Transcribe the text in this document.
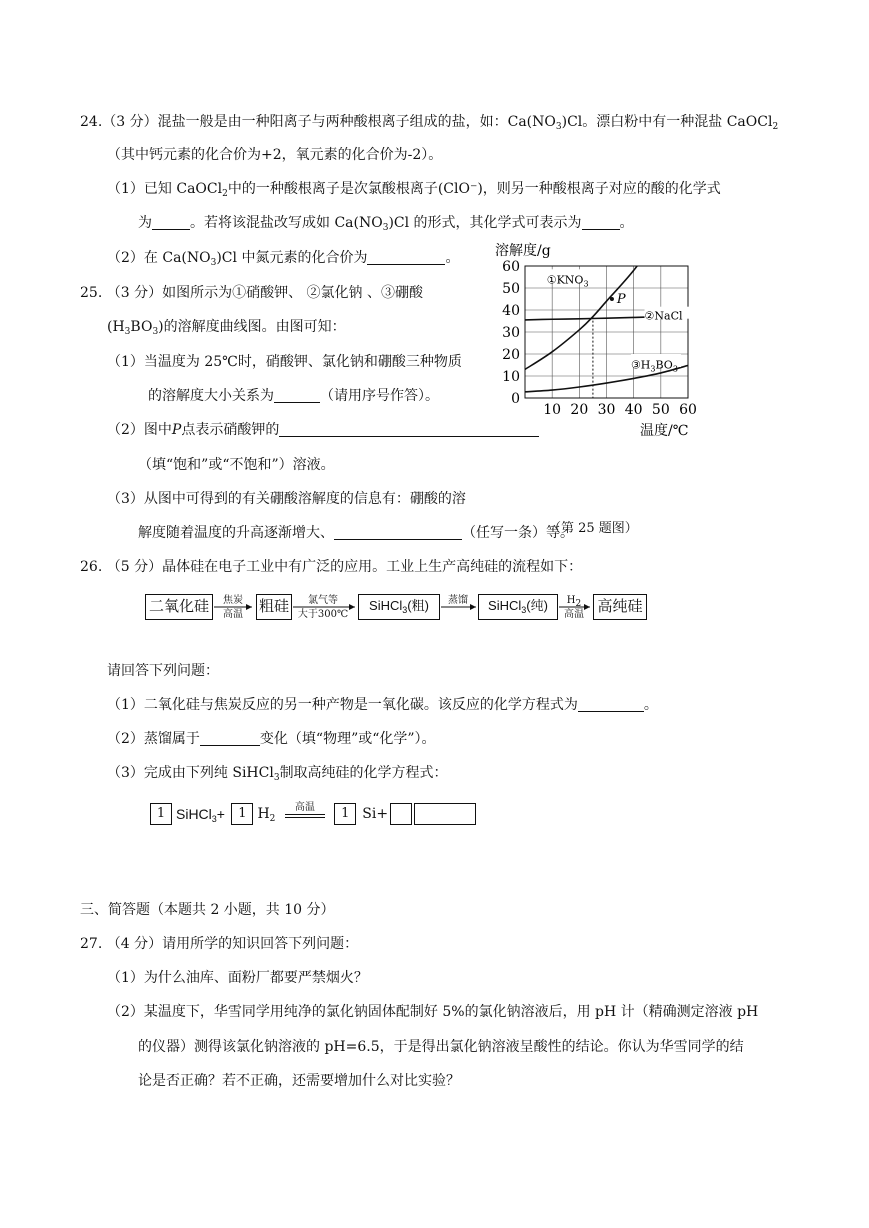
24.（3 分）混盐一般是由一种阳离子与两种酸根离子组成的盐，如：$Ca(NO_3)Cl$。漂白粉中有一种混盐 CaOCl$_2$
（其中钙元素的化合价为+2，氧元素的化合价为-2）。
（1）已知 CaOCl$_2$中的一种酸根离子是次氯酸根离子(ClO⁻)，则另一种酸根离子对应的酸的化学式
为	。若将该混盐改写成如 $Ca(NO_3)Cl$ 的形式，其化学式可表示为	。
（2）在 $Ca(NO_3)Cl$ 中氮元素的化合价为	。
25. （3 分）如图所示为①硝酸钾、 ②氯化钠 、③硼酸
$(H_3BO_3)$的溶解度曲线图。由图可知：
（1）当温度为 25℃时，硝酸钾、氯化钠和硼酸三种物质
的溶解度大小关系为	（请用序号作答）。
（2）图中P点表示硝酸钾的
（填“饱和”或“不饱和”）溶液。
（3）从图中可得到的有关硼酸溶解度的信息有：硼酸的溶
解度随着温度的升高逐渐增大、	（任写一条）等。
（第 25 题图）
0
10
20
30
40
50
60
10 20 30 40 50 60
溶解度/g
温度/℃
$①KNO_3$
②NaCl
$③H_3BO_3$
P
26. （5 分）晶体硅在电子工业中有广泛的应用。工业上生产高纯硅的流程如下：
二氧化硅	焦炭
高温	粗硅	氯气等
大于300℃
SiHCl$_3$(粗)	蒸馏	SiHCl$_3$(纯)	$H_2$
高温 高纯硅
请回答下列问题：
（1）二氧化硅与焦炭反应的另一种产物是一氧化碳。该反应的化学方程式为	。
（2）蒸馏属于	变化（填“物理”或“化学”）。
（3）完成由下列纯 SiHCl$_3$制取高纯硅的化学方程式：
1 SiHCl$_3$+ 1 $H_2$
高温	1 Si+
三、简答题（本题共 2 小题，共 10 分）
27. （4 分）请用所学的知识回答下列问题：
（1）为什么油库、面粉厂都要严禁烟火？
（2）某温度下，华雪同学用纯净的氯化钠固体配制好 5%的氯化钠溶液后，用 pH 计（精确测定溶液 pH
的仪器）测得该氯化钠溶液的 pH=6.5，于是得出氯化钠溶液呈酸性的结论。你认为华雪同学的结
论是否正确？若不正确，还需要增加什么对比实验？
